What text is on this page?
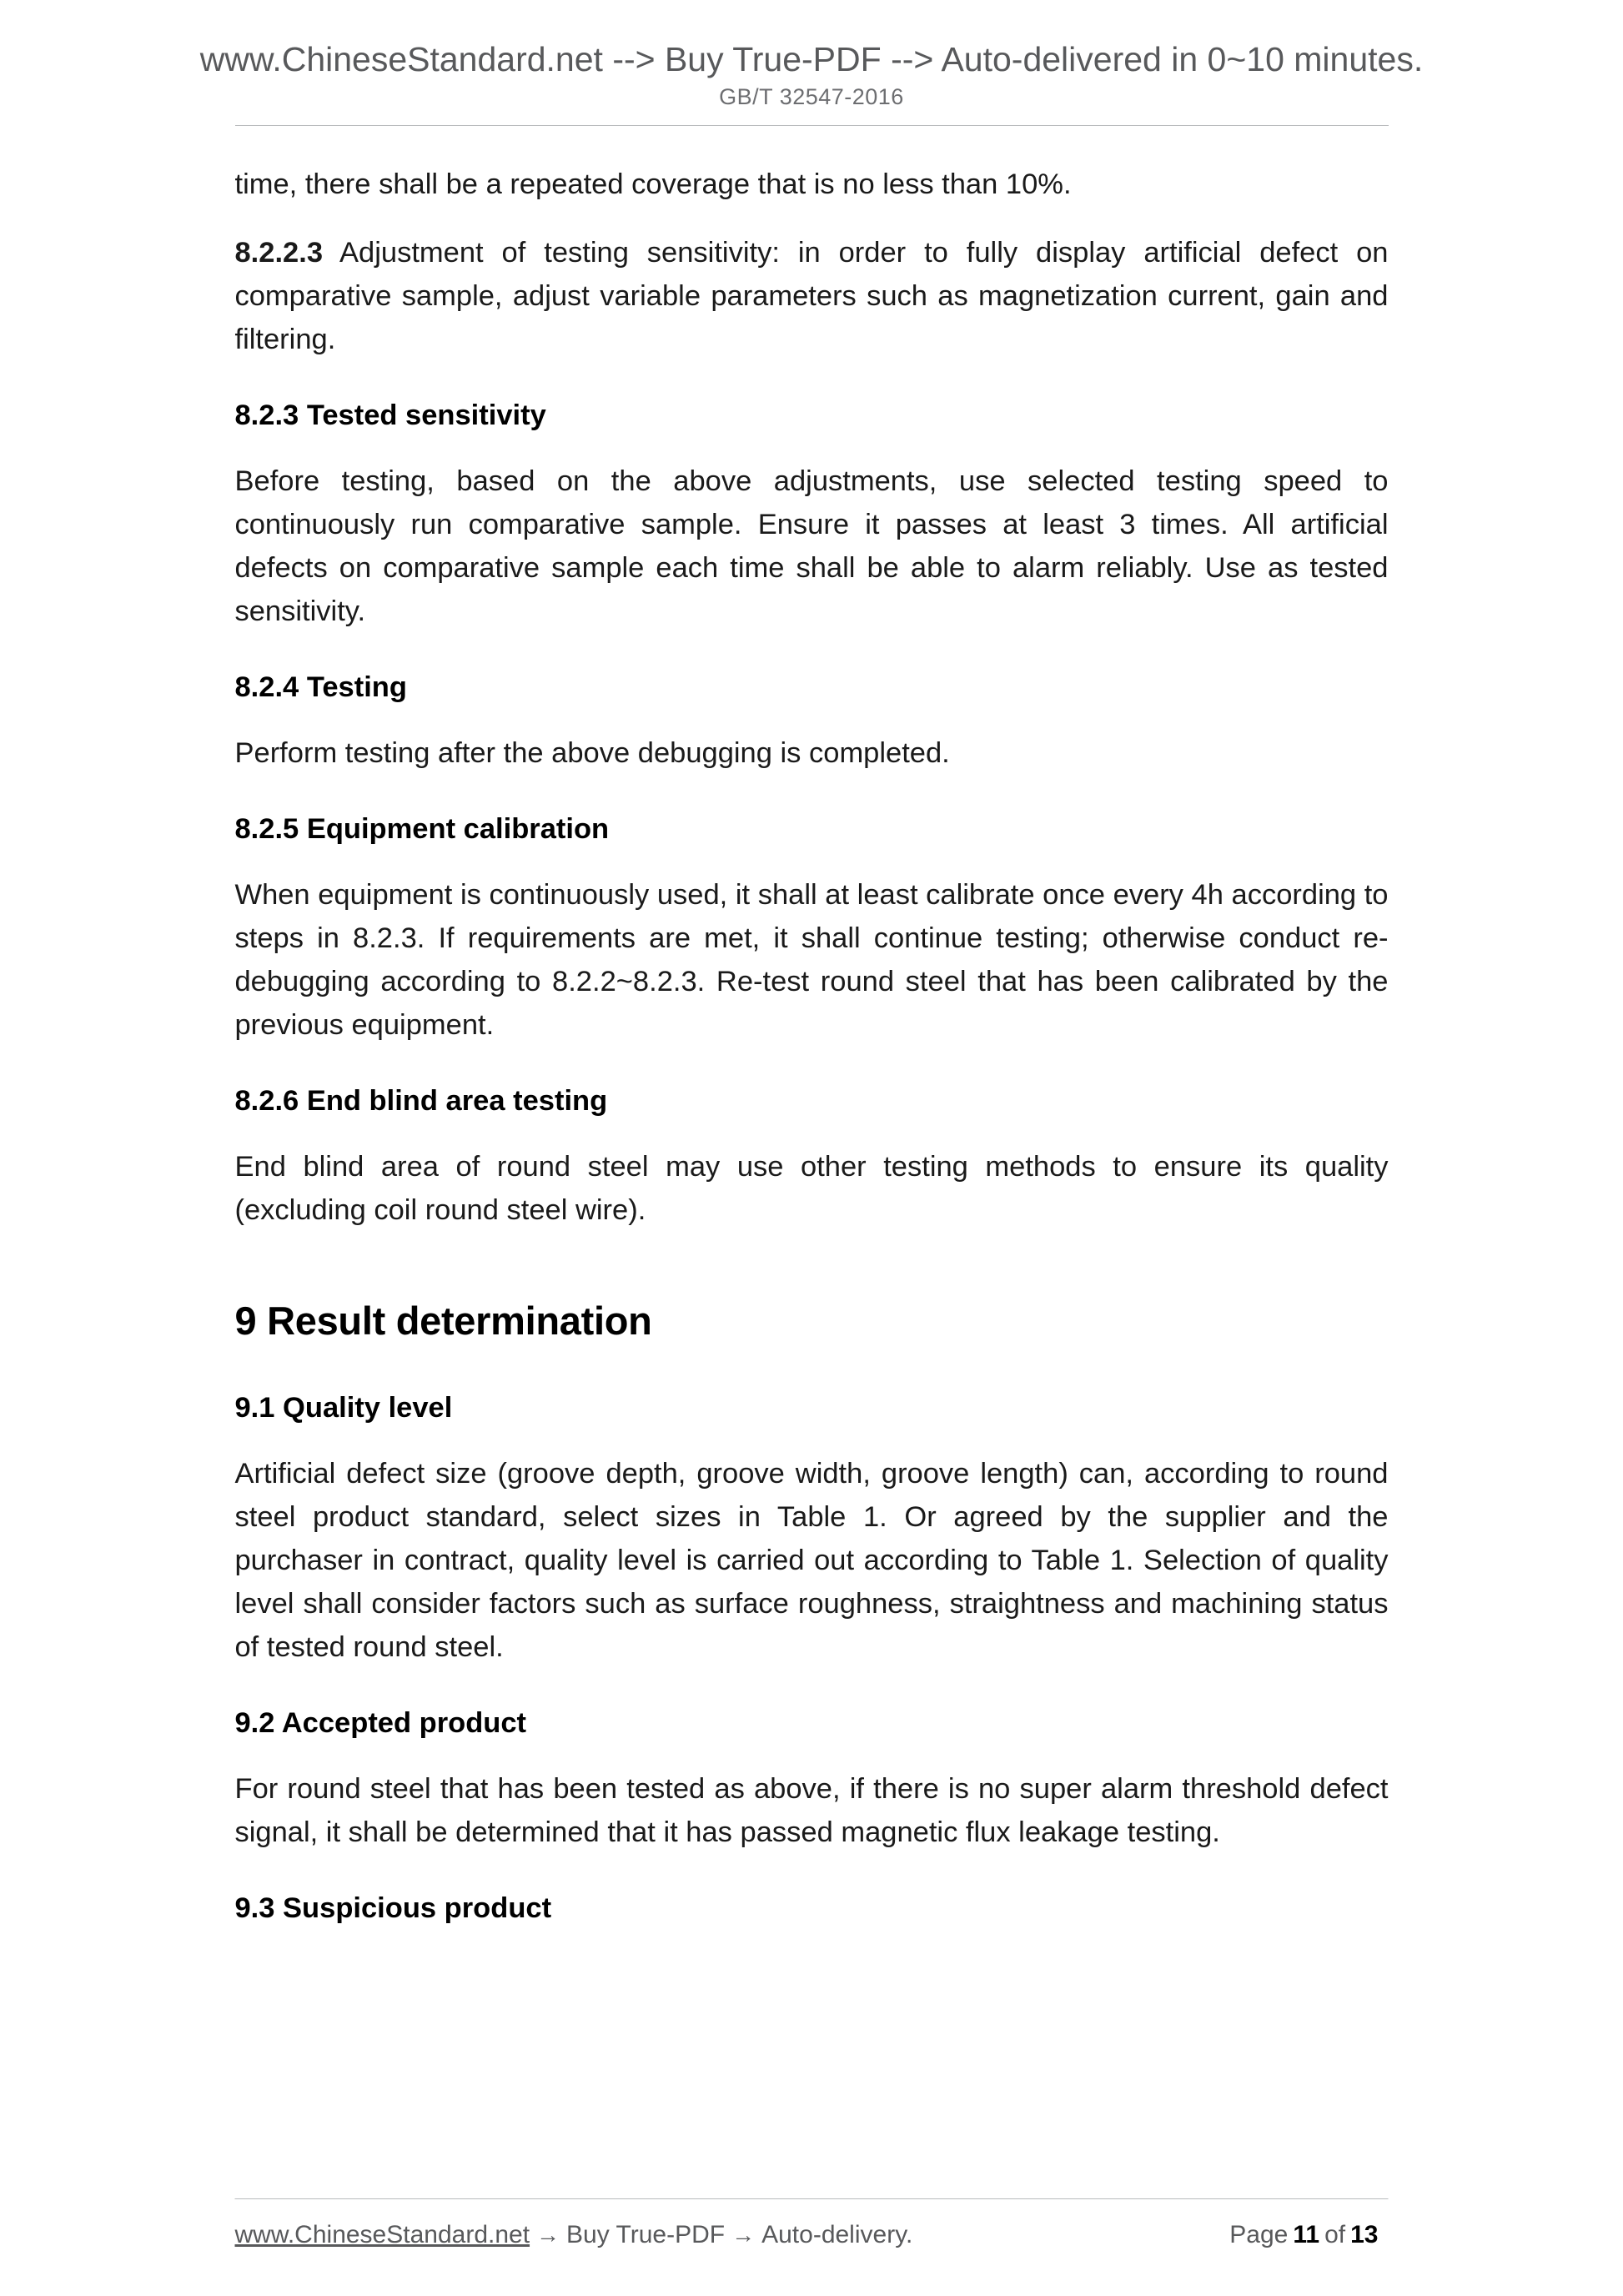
www.ChineseStandard.net --> Buy True-PDF --> Auto-delivered in 0~10 minutes.
GB/T 32547-2016

time, there shall be a repeated coverage that is no less than 10%.

8.2.2.3 Adjustment of testing sensitivity: in order to fully display artificial defect on comparative sample, adjust variable parameters such as magnetization current, gain and filtering.

8.2.3 Tested sensitivity

Before testing, based on the above adjustments, use selected testing speed to continuously run comparative sample. Ensure it passes at least 3 times. All artificial defects on comparative sample each time shall be able to alarm reliably. Use as tested sensitivity.

8.2.4 Testing

Perform testing after the above debugging is completed.

8.2.5 Equipment calibration

When equipment is continuously used, it shall at least calibrate once every 4h according to steps in 8.2.3. If requirements are met, it shall continue testing; otherwise conduct re-debugging according to 8.2.2~8.2.3. Re-test round steel that has been calibrated by the previous equipment.

8.2.6 End blind area testing

End blind area of round steel may use other testing methods to ensure its quality (excluding coil round steel wire).

9 Result determination
9.1 Quality level

Artificial defect size (groove depth, groove width, groove length) can, according to round steel product standard, select sizes in Table 1. Or agreed by the supplier and the purchaser in contract, quality level is carried out according to Table 1. Selection of quality level shall consider factors such as surface roughness, straightness and machining status of tested round steel.

9.2 Accepted product

For round steel that has been tested as above, if there is no super alarm threshold defect signal, it shall be determined that it has passed magnetic flux leakage testing.

9.3 Suspicious product
www.ChineseStandard.net → Buy True-PDF → Auto-delivery.	Page 11 of 13
